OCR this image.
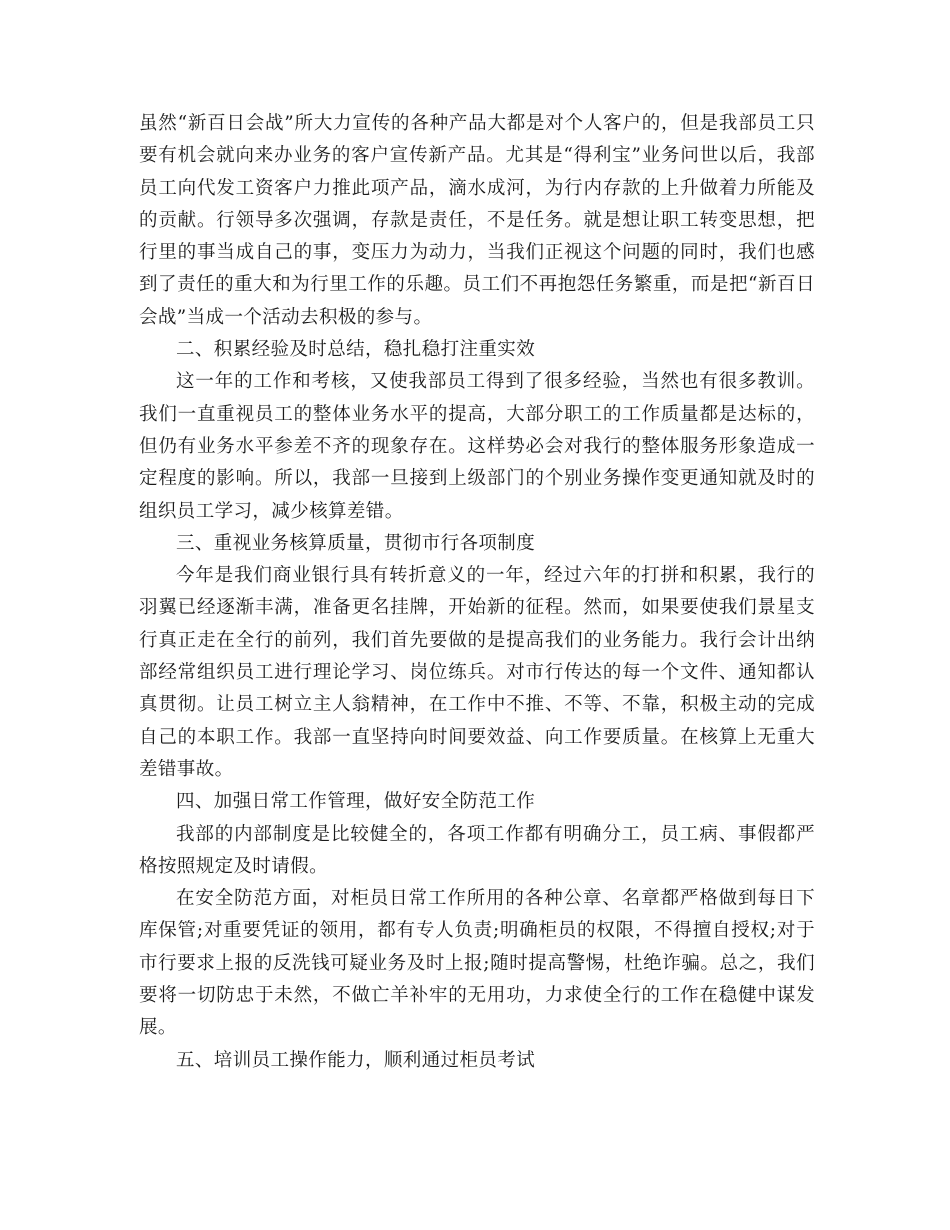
虽然“新百日会战”所大力宣传的各种产品大都是对个人客户的，但是我部员工只要有机会就向来办业务的客户宣传新产品。尤其是“得利宝”业务问世以后，我部员工向代发工资客户力推此项产品，滴水成河，为行内存款的上升做着力所能及的贡献。行领导多次强调，存款是责任，不是任务。就是想让职工转变思想，把行里的事当成自己的事，变压力为动力，当我们正视这个问题的同时，我们也感到了责任的重大和为行里工作的乐趣。员工们不再抱怨任务繁重，而是把“新百日会战”当成一个活动去积极的参与。

二、积累经验及时总结，稳扎稳打注重实效

这一年的工作和考核，又使我部员工得到了很多经验，当然也有很多教训。我们一直重视员工的整体业务水平的提高，大部分职工的工作质量都是达标的，但仍有业务水平参差不齐的现象存在。这样势必会对我行的整体服务形象造成一定程度的影响。所以，我部一旦接到上级部门的个别业务操作变更通知就及时的组织员工学习，减少核算差错。

三、重视业务核算质量，贯彻市行各项制度

今年是我们商业银行具有转折意义的一年，经过六年的打拼和积累，我行的羽翼已经逐渐丰满，准备更名挂牌，开始新的征程。然而，如果要使我们景星支行真正走在全行的前列，我们首先要做的是提高我们的业务能力。我行会计出纳部经常组织员工进行理论学习、岗位练兵。对市行传达的每一个文件、通知都认真贯彻。让员工树立主人翁精神，在工作中不推、不等、不靠，积极主动的完成自己的本职工作。我部一直坚持向时间要效益、向工作要质量。在核算上无重大差错事故。

四、加强日常工作管理，做好安全防范工作

我部的内部制度是比较健全的，各项工作都有明确分工，员工病、事假都严格按照规定及时请假。

在安全防范方面，对柜员日常工作所用的各种公章、名章都严格做到每日下库保管;对重要凭证的领用，都有专人负责;明确柜员的权限，不得擅自授权;对于市行要求上报的反洗钱可疑业务及时上报;随时提高警惕，杜绝诈骗。总之，我们要将一切防忠于未然，不做亡羊补牢的无用功，力求使全行的工作在稳健中谋发展。

五、培训员工操作能力，顺利通过柜员考试
